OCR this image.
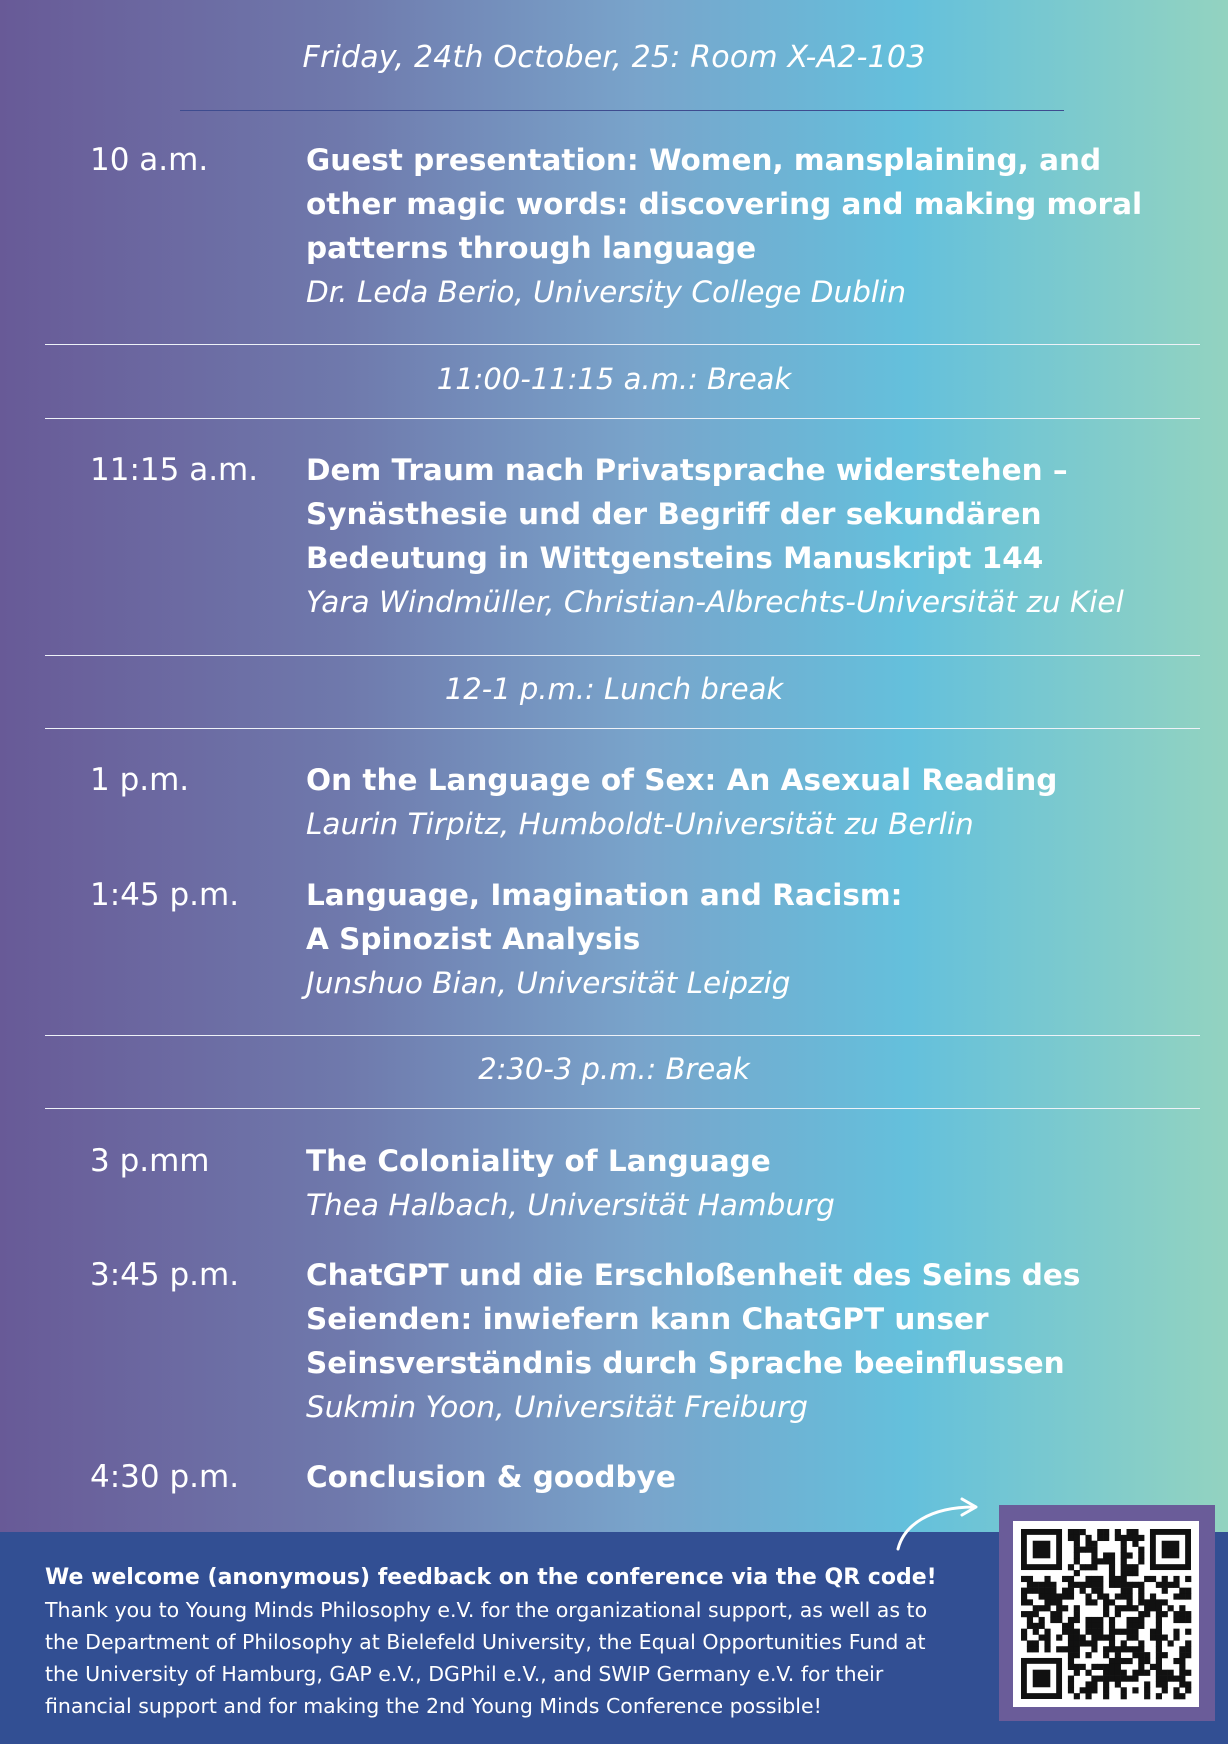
Friday, 24th October, 25: Room X-A2-103
10 a.m.	Guest presentation: Women, mansplaining, and
other magic words: discovering and making moral
patterns through language
Dr. Leda Berio, University College Dublin
11:00-11:15 a.m.: Break
11:15 a.m. Dem Traum nach Privatsprache widerstehen –
Synästhesie und der Begriff der sekundären
Bedeutung in Wittgensteins Manuskript 144
Yara Windmüller, Christian-Albrechts-Universität zu Kiel
12-1 p.m.: Lunch break
1 p.m.	On the Language of Sex: An Asexual Reading
Laurin Tirpitz, Humboldt-Universität zu Berlin
1:45 p.m. Language, Imagination and Racism:
A Spinozist Analysis
Junshuo Bian, Universität Leipzig
2:30-3 p.m.: Break
3 p.mm	The Coloniality of Language
Thea Halbach, Universität Hamburg
3:45 p.m. ChatGPT und die Erschloßenheit des Seins des
Seienden: inwiefern kann ChatGPT unser
Seinsverständnis durch Sprache beeinflussen
Sukmin Yoon, Universität Freiburg
4:30 p.m. Conclusion & goodbye
We welcome (anonymous) feedback on the conference via the QR code!
Thank you to Young Minds Philosophy e.V. for the organizational support, as well as to
the Department of Philosophy at Bielefeld University, the Equal Opportunities Fund at
the University of Hamburg, GAP e.V., DGPhil e.V., and SWIP Germany e.V. for their
financial support and for making the 2nd Young Minds Conference possible!
